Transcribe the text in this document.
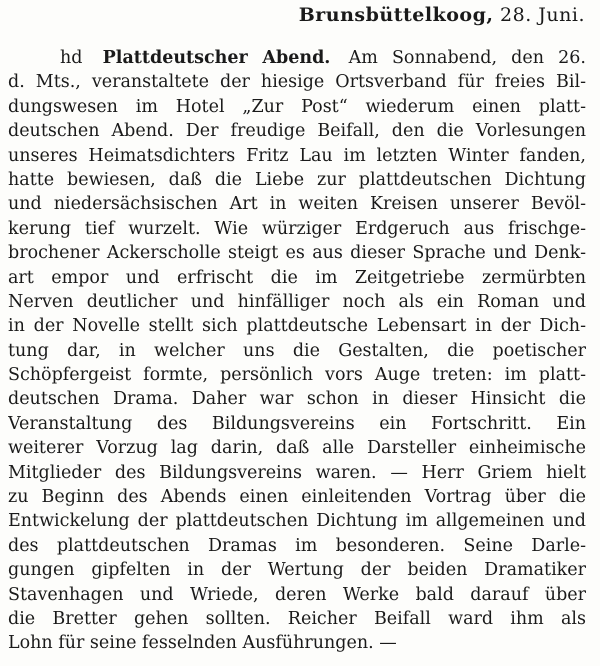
Brunsbüttelkoog, 28. Juni.
hd Plattdeutscher Abend. Am Sonnabend, den 26.
d. Mts., veranstaltete der hiesige Ortsverband für freies Bil-
dungswesen im Hotel „Zur Post“ wiederum einen platt-
deutschen Abend. Der freudige Beifall, den die Vorlesungen
unseres Heimatsdichters Fritz Lau im letzten Winter fanden,
hatte bewiesen, daß die Liebe zur plattdeutschen Dichtung
und niedersächsischen Art in weiten Kreisen unserer Bevöl-
kerung tief wurzelt. Wie würziger Erdgeruch aus frischge-
brochener Ackerscholle steigt es aus dieser Sprache und Denk-
art empor und erfrischt die im Zeitgetriebe zermürbten
Nerven deutlicher und hinfälliger noch als ein Roman und
in der Novelle stellt sich plattdeutsche Lebensart in der Dich-
tung dar, in welcher uns die Gestalten, die poetischer
Schöpfergeist formte, persönlich vors Auge treten: im platt-
deutschen Drama. Daher war schon in dieser Hinsicht die
Veranstaltung des Bildungsvereins ein Fortschritt. Ein
weiterer Vorzug lag darin, daß alle Darsteller einheimische
Mitglieder des Bildungsvereins waren. — Herr Griem hielt
zu Beginn des Abends einen einleitenden Vortrag über die
Entwickelung der plattdeutschen Dichtung im allgemeinen und
des plattdeutschen Dramas im besonderen. Seine Darle-
gungen gipfelten in der Wertung der beiden Dramatiker
Stavenhagen und Wriede, deren Werke bald darauf über
die Bretter gehen sollten. Reicher Beifall ward ihm als
Lohn für seine fesselnden Ausführungen. —
